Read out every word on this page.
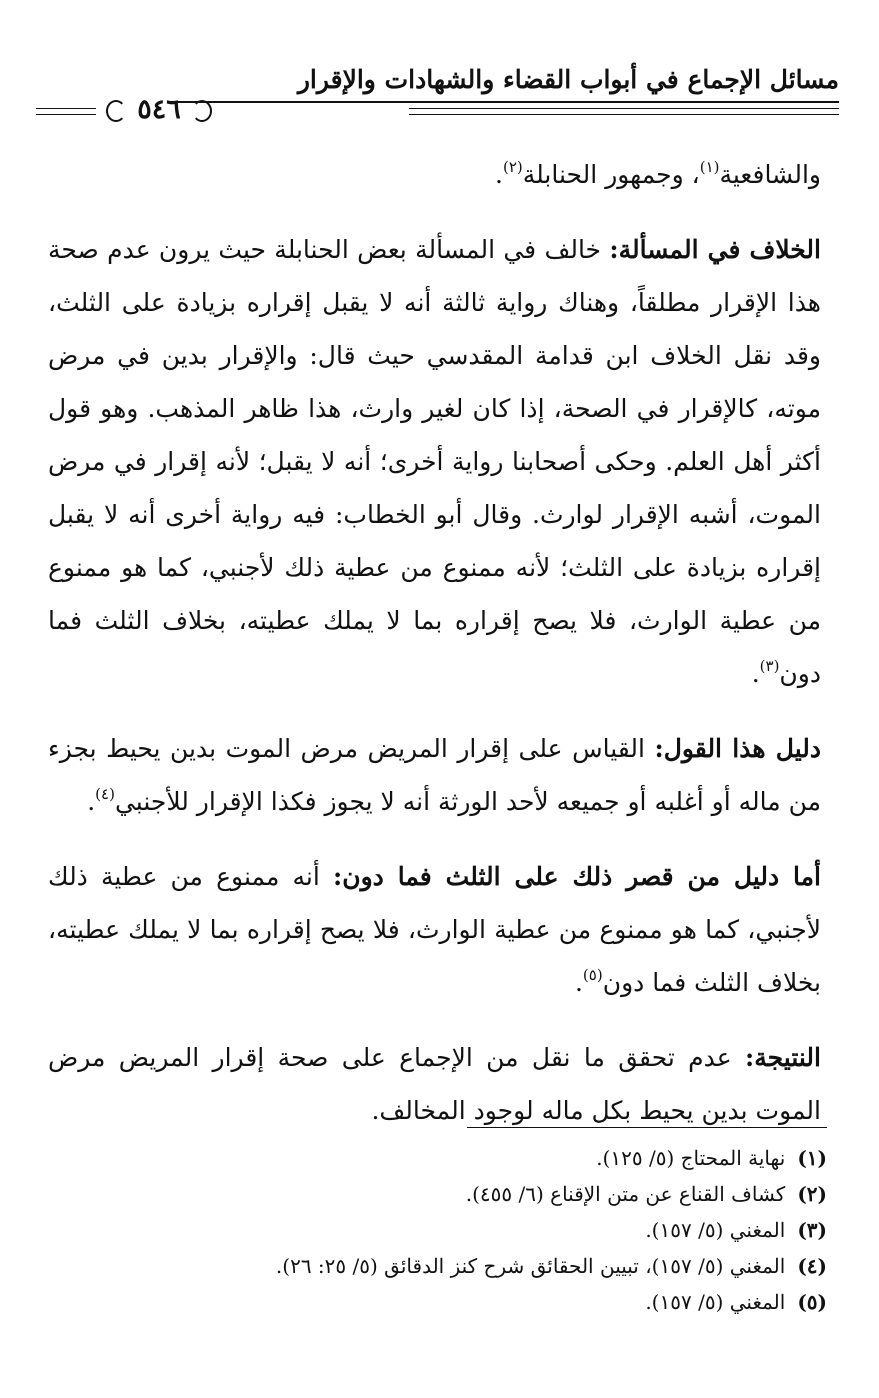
مسائل الإجماع في أبواب القضاء والشهادات والإقرار
٥٤٦

والشافعية$^{(١)}$، وجمهور الحنابلة$^{(٢)}$.

الخلاف في المسألة: خالف في المسألة بعض الحنابلة حيث يرون عدم صحة هذا الإقرار مطلقاً، وهناك رواية ثالثة أنه لا يقبل إقراره بزيادة على الثلث، وقد نقل الخلاف ابن قدامة المقدسي حيث قال: والإقرار بدين في مرض موته، كالإقرار في الصحة، إذا كان لغير وارث، هذا ظاهر المذهب. وهو قول أكثر أهل العلم. وحكى أصحابنا رواية أخرى؛ أنه لا يقبل؛ لأنه إقرار في مرض الموت، أشبه الإقرار لوارث. وقال أبو الخطاب: فيه رواية أخرى أنه لا يقبل إقراره بزيادة على الثلث؛ لأنه ممنوع من عطية ذلك لأجنبي، كما هو ممنوع من عطية الوارث، فلا يصح إقراره بما لا يملك عطيته، بخلاف الثلث فما دون$^{(٣)}$.

دليل هذا القول: القياس على إقرار المريض مرض الموت بدين يحيط بجزء من ماله أو أغلبه أو جميعه لأحد الورثة أنه لا يجوز فكذا الإقرار للأجنبي$^{(٤)}$.

أما دليل من قصر ذلك على الثلث فما دون: أنه ممنوع من عطية ذلك لأجنبي، كما هو ممنوع من عطية الوارث، فلا يصح إقراره بما لا يملك عطيته، بخلاف الثلث فما دون$^{(٥)}$.

النتيجة: عدم تحقق ما نقل من الإجماع على صحة إقرار المريض مرض الموت بدين يحيط بكل ماله لوجود المخالف.

(١)نهاية المحتاج (٥/ ١٢٥).
(٢)كشاف القناع عن متن الإقناع (٦/ ٤٥٥).
(٣)المغني (٥/ ١٥٧).
(٤)المغني (٥/ ١٥٧)، تبيين الحقائق شرح كنز الدقائق (٥/ ٢٥: ٢٦).
(٥)المغني (٥/ ١٥٧).
